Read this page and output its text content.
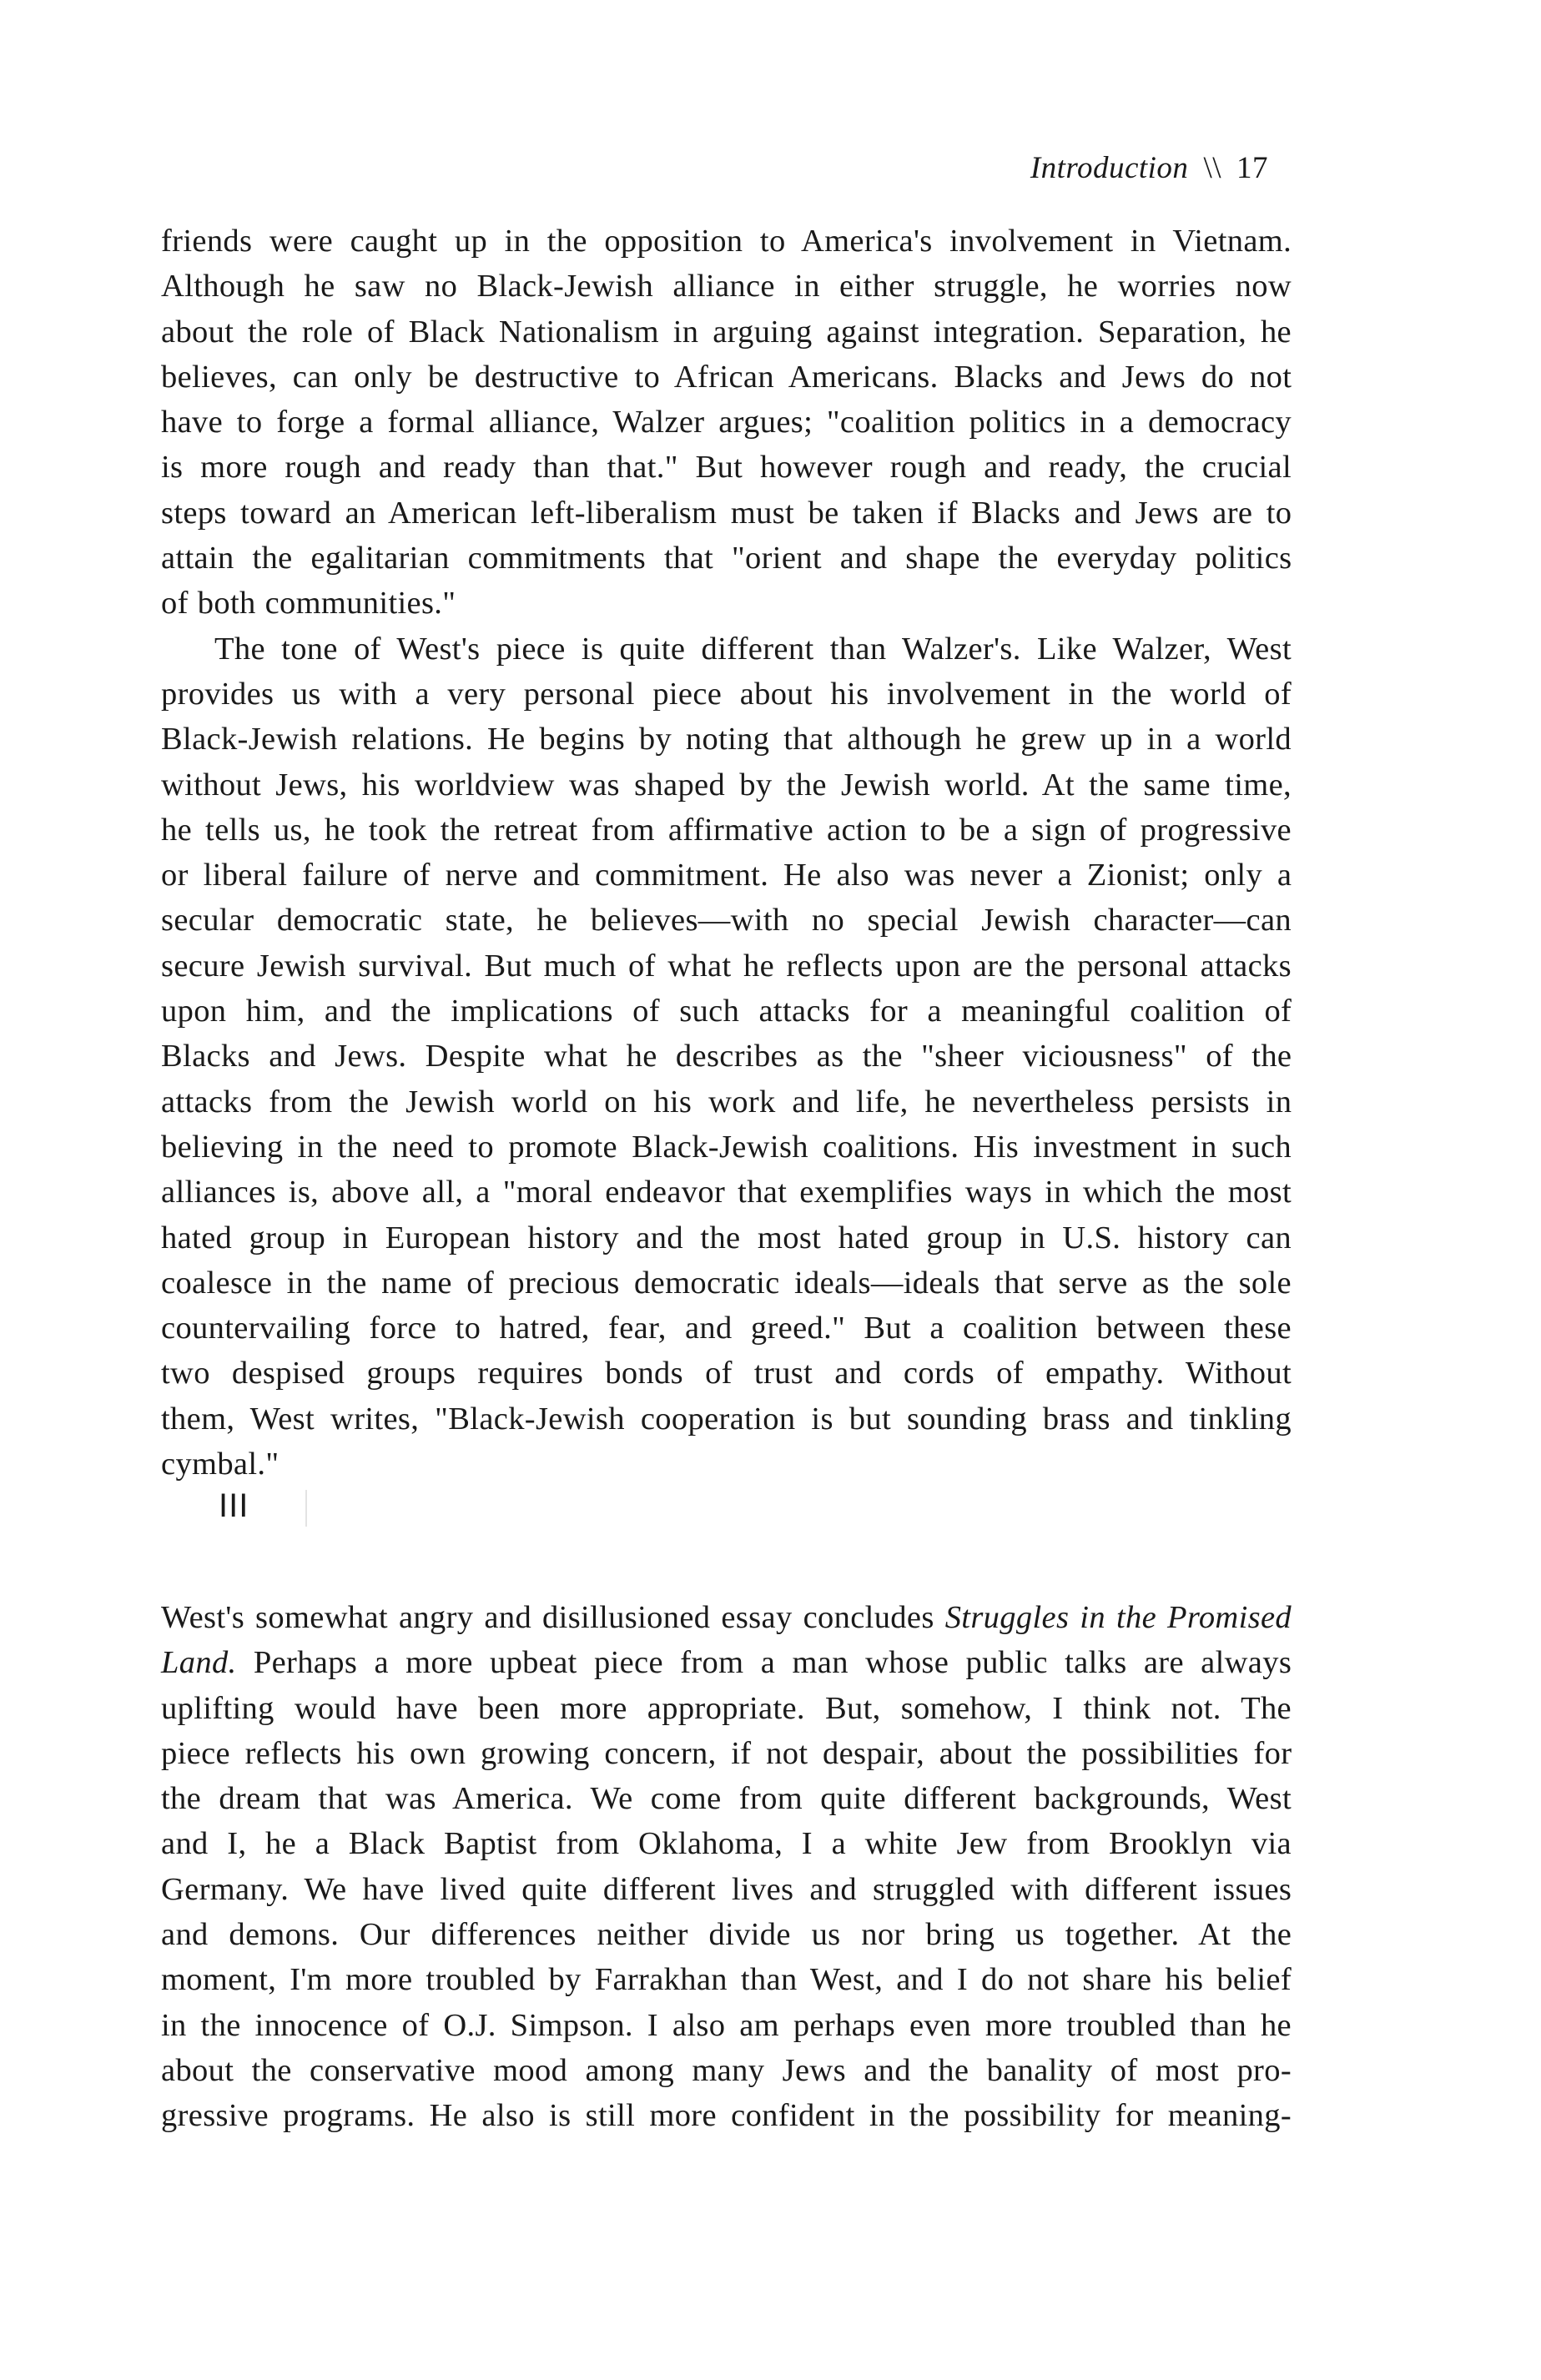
Introduction \\ 17
friends were caught up in the opposition to America's involvement in Vietnam.
Although he saw no Black-Jewish alliance in either struggle, he worries now
about the role of Black Nationalism in arguing against integration. Separation, he
believes, can only be destructive to African Americans. Blacks and Jews do not
have to forge a formal alliance, Walzer argues; "coalition politics in a democracy
is more rough and ready than that." But however rough and ready, the crucial
steps toward an American left-liberalism must be taken if Blacks and Jews are to
attain the egalitarian commitments that "orient and shape the everyday politics
of both communities."
The tone of West's piece is quite different than Walzer's. Like Walzer, West
provides us with a very personal piece about his involvement in the world of
Black-Jewish relations. He begins by noting that although he grew up in a world
without Jews, his worldview was shaped by the Jewish world. At the same time,
he tells us, he took the retreat from affirmative action to be a sign of progressive
or liberal failure of nerve and commitment. He also was never a Zionist; only a
secular democratic state, he believes—with no special Jewish character—can
secure Jewish survival. But much of what he reflects upon are the personal attacks
upon him, and the implications of such attacks for a meaningful coalition of
Blacks and Jews. Despite what he describes as the "sheer viciousness" of the
attacks from the Jewish world on his work and life, he nevertheless persists in
believing in the need to promote Black-Jewish coalitions. His investment in such
alliances is, above all, a "moral endeavor that exemplifies ways in which the most
hated group in European history and the most hated group in U.S. history can
coalesce in the name of precious democratic ideals—ideals that serve as the sole
countervailing force to hatred, fear, and greed." But a coalition between these
two despised groups requires bonds of trust and cords of empathy. Without
them, West writes, "Black-Jewish cooperation is but sounding brass and tinkling
cymbal."
III
West's somewhat angry and disillusioned essay concludes Struggles in the Promised
Land. Perhaps a more upbeat piece from a man whose public talks are always
uplifting would have been more appropriate. But, somehow, I think not. The
piece reflects his own growing concern, if not despair, about the possibilities for
the dream that was America. We come from quite different backgrounds, West
and I, he a Black Baptist from Oklahoma, I a white Jew from Brooklyn via
Germany. We have lived quite different lives and struggled with different issues
and demons. Our differences neither divide us nor bring us together. At the
moment, I'm more troubled by Farrakhan than West, and I do not share his belief
in the innocence of O.J. Simpson. I also am perhaps even more troubled than he
about the conservative mood among many Jews and the banality of most pro-
gressive programs. He also is still more confident in the possibility for meaning-
